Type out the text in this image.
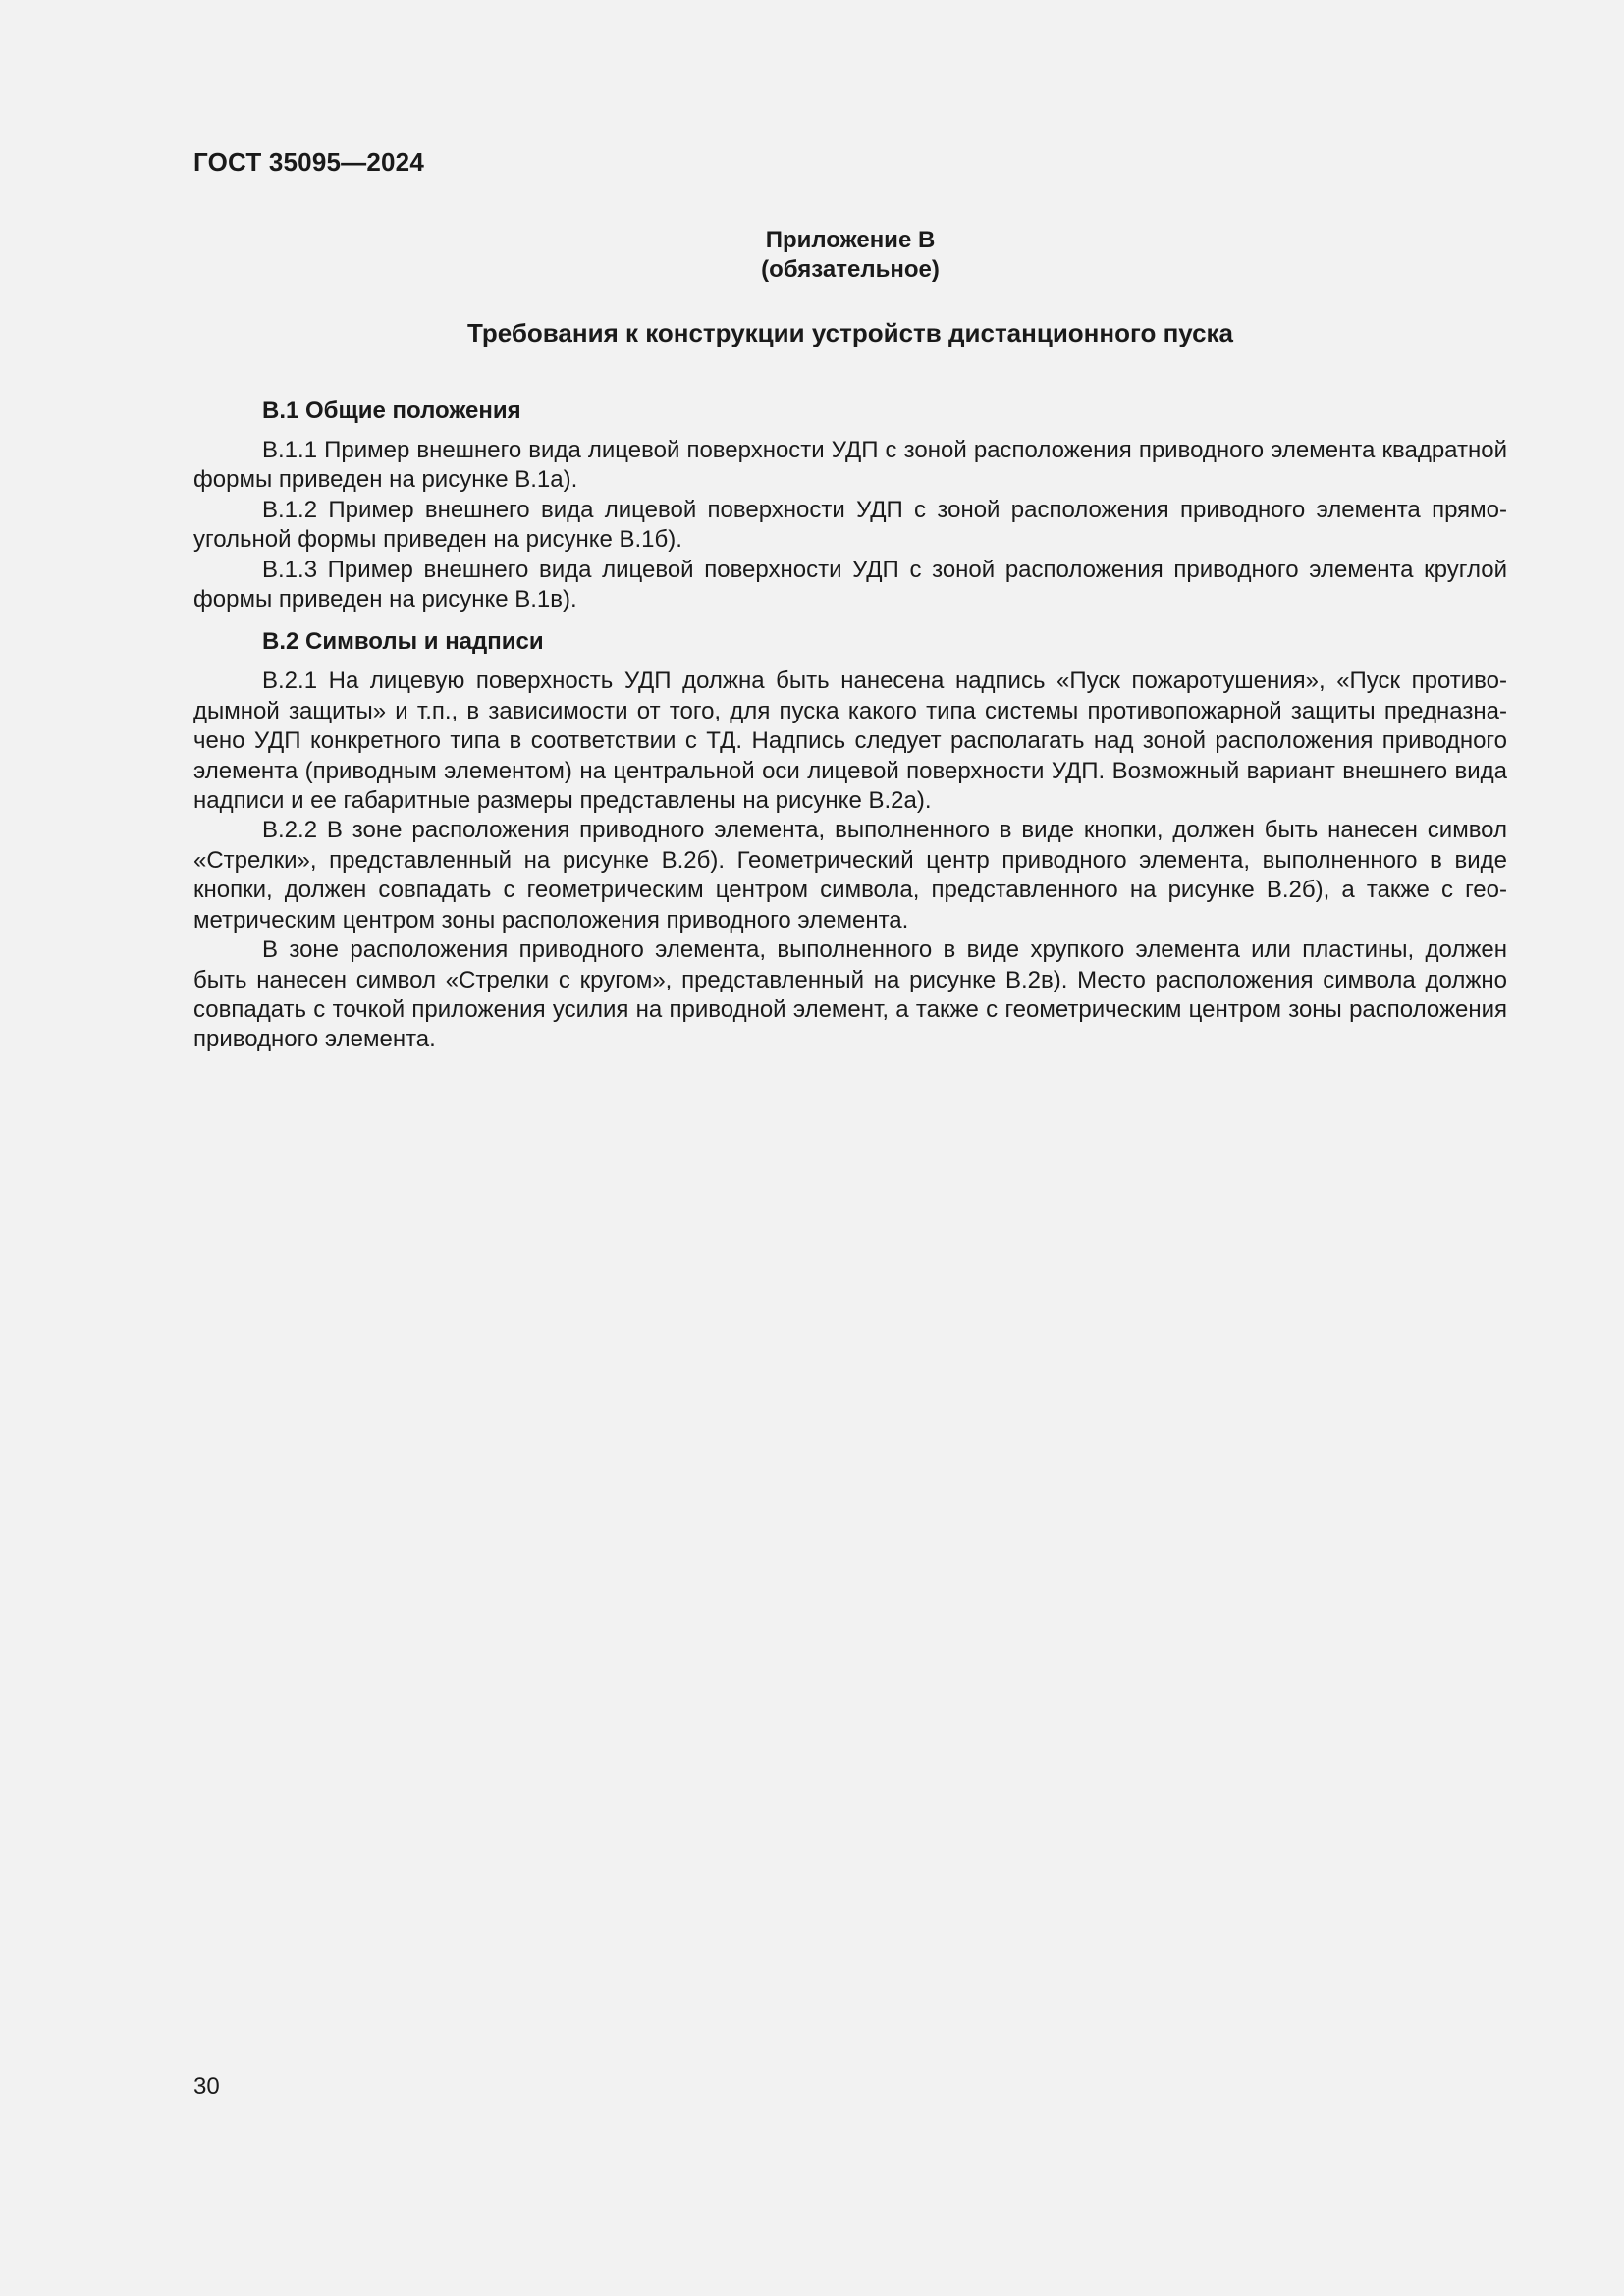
ГОСТ 35095—2024

Приложение В
(обязательное)
Требования к конструкции устройств дистанционного пуска
В.1 Общие положения

В.1.1 Пример внешнего вида лицевой поверхности УДП с зоной расположения приводного элемента квадратной формы приведен на рисунке В.1а).

В.1.2 Пример внешнего вида лицевой поверхности УДП с зоной расположения приводного элемента прямоугольной формы приведен на рисунке В.1б).

В.1.3 Пример внешнего вида лицевой поверхности УДП с зоной расположения приводного элемента круглой формы приведен на рисунке В.1в).

В.2 Символы и надписи

В.2.1 На лицевую поверхность УДП должна быть нанесена надпись «Пуск пожаротушения», «Пуск противодымной защиты» и т.п., в зависимости от того, для пуска какого типа системы противопожарной защиты предназначено УДП конкретного типа в соответствии с ТД. Надпись следует располагать над зоной расположения приводного элемента (приводным элементом) на центральной оси лицевой поверхности УДП. Возможный вариант внешнего вида надписи и ее габаритные размеры представлены на рисунке В.2а).

В.2.2 В зоне расположения приводного элемента, выполненного в виде кнопки, должен быть нанесен символ «Стрелки», представленный на рисунке В.2б). Геометрический центр приводного элемента, выполненного в виде кнопки, должен совпадать с геометрическим центром символа, представленного на рисунке В.2б), а также с геометрическим центром зоны расположения приводного элемента.

В зоне расположения приводного элемента, выполненного в виде хрупкого элемента или пластины, должен быть нанесен символ «Стрелки с кругом», представленный на рисунке В.2в). Место расположения символа должно совпадать с точкой приложения усилия на приводной элемент, а также с геометрическим центром зоны расположения приводного элемента.

30
